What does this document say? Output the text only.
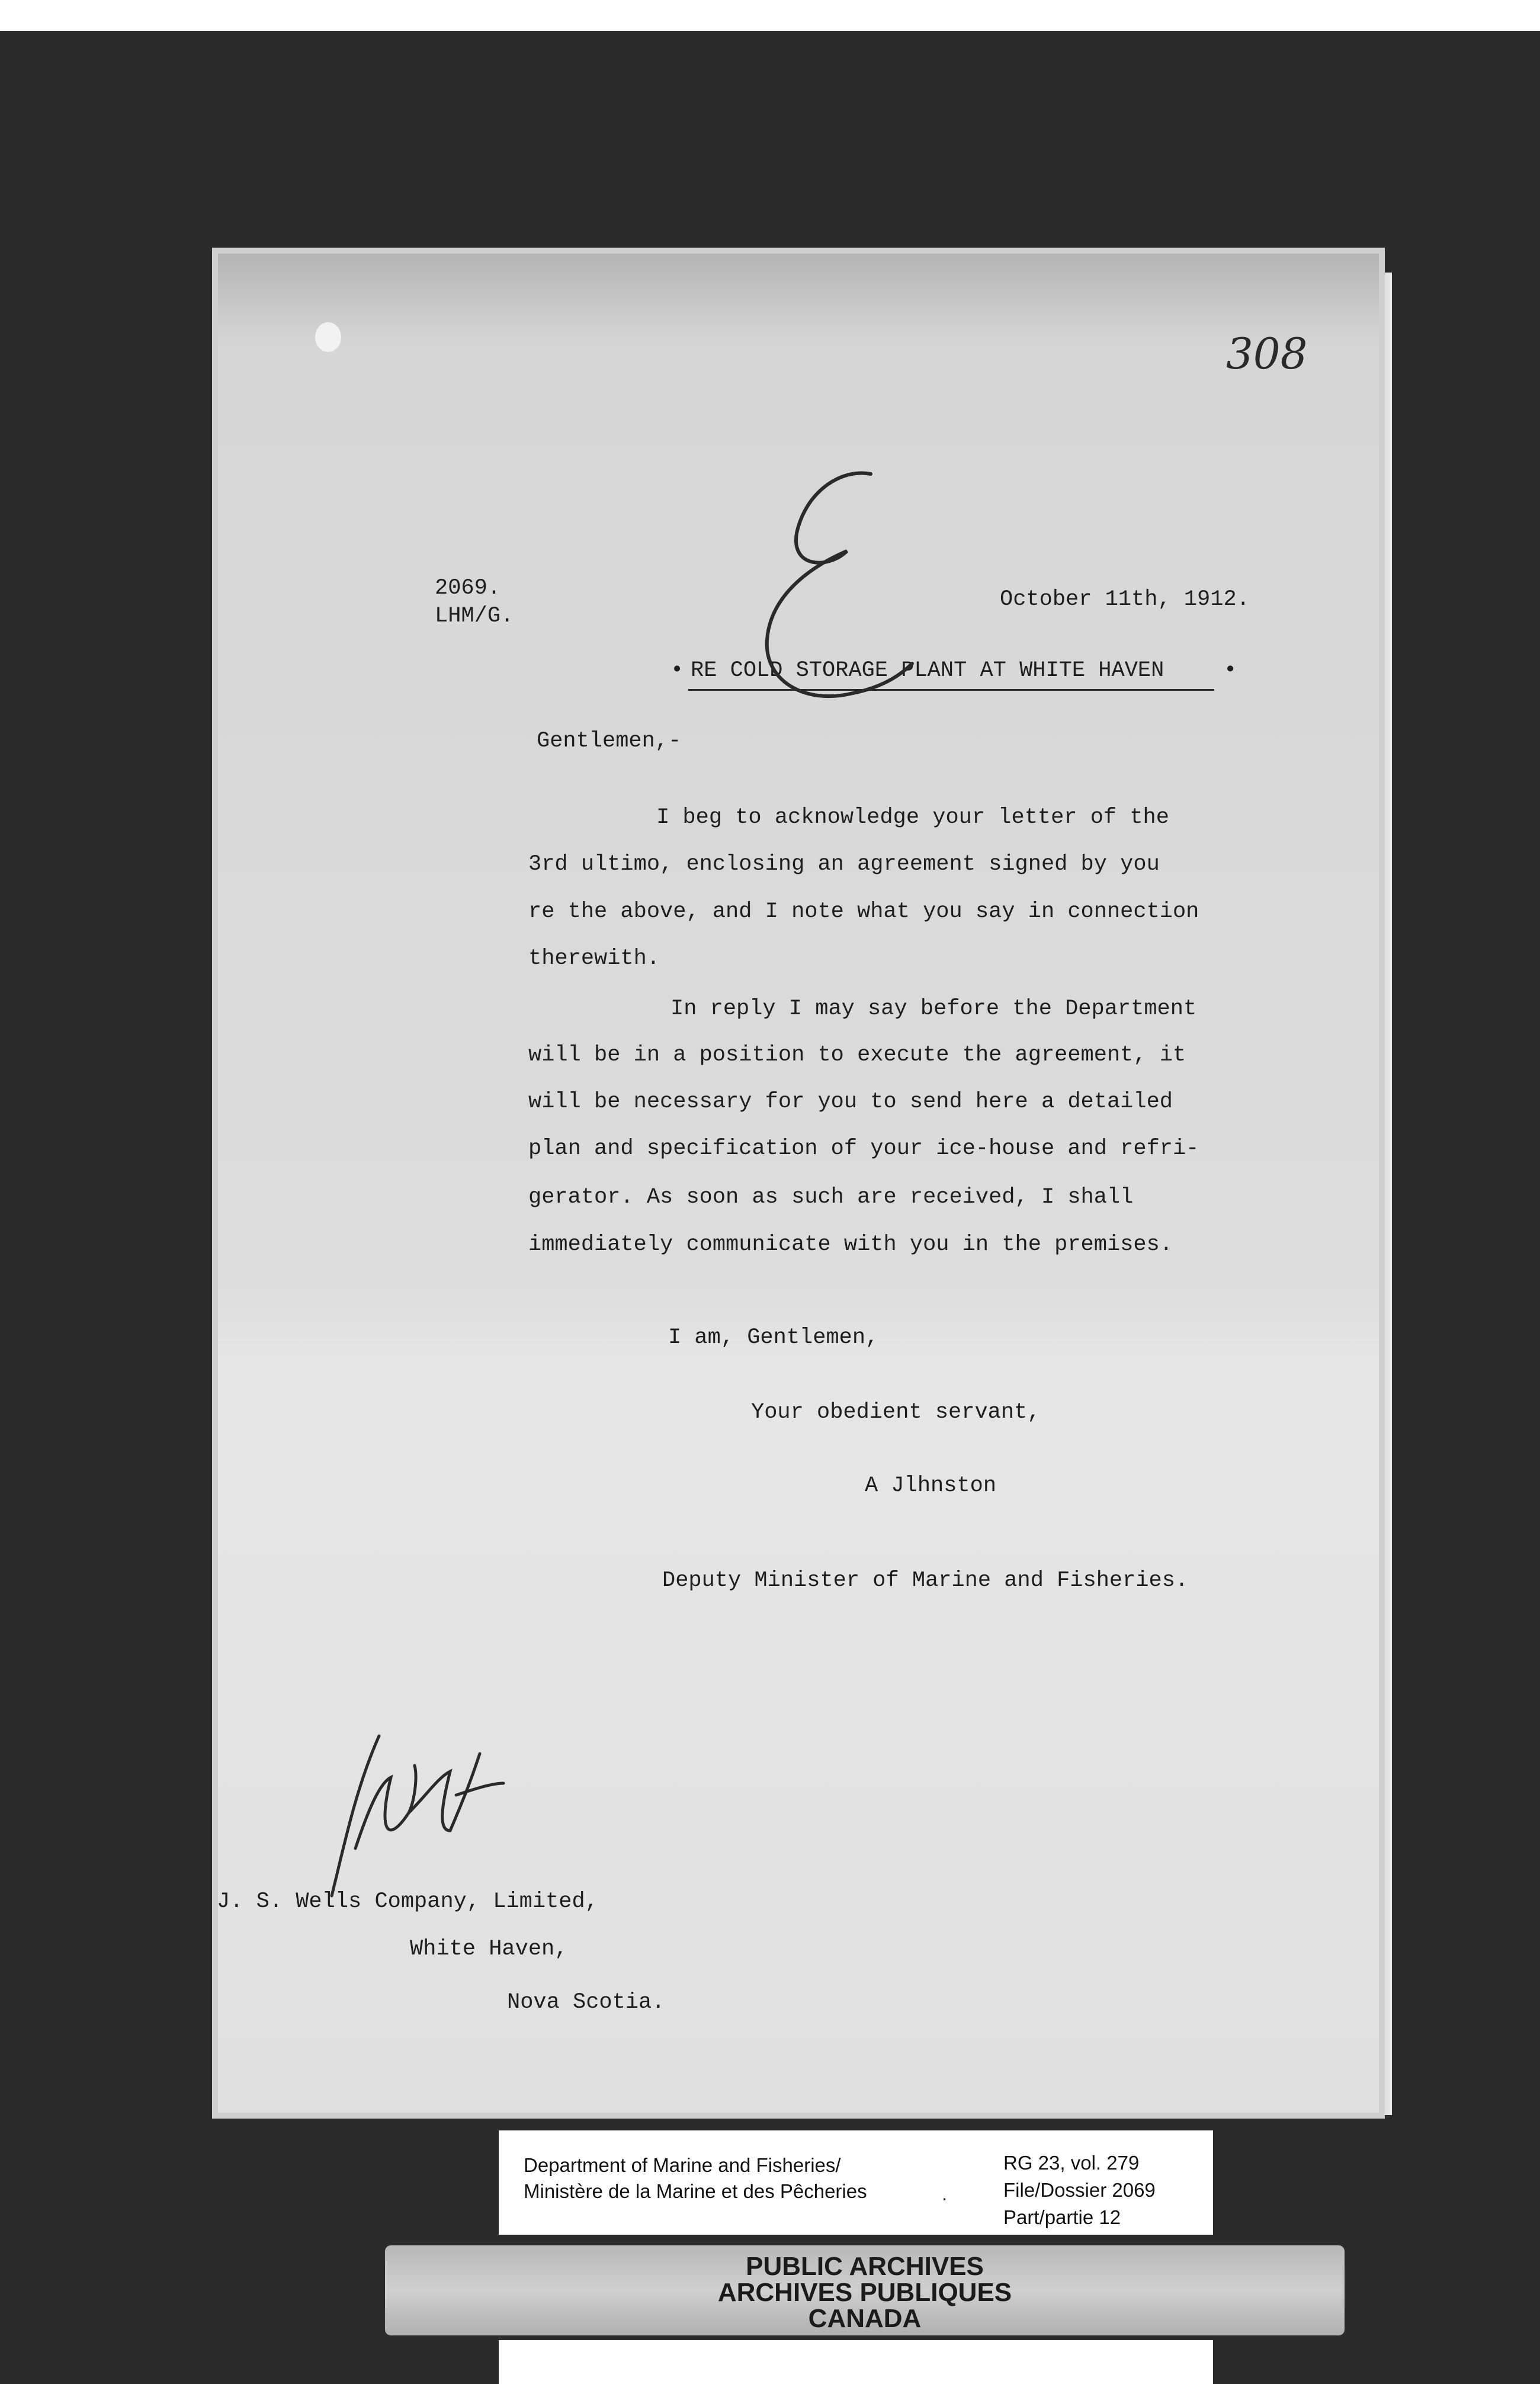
308
2069.
LHM/G.
October 11th, 1912.
• RE COLD STORAGE PLANT AT WHITE HAVEN	•
Gentlemen,-
I beg to acknowledge your letter of the
3rd ultimo, enclosing an agreement signed by you
re the above, and I note what you say in connection
therewith.
In reply I may say before the Department
will be in a position to execute the agreement, it
will be necessary for you to send here a detailed
plan and specification of your ice-house and refri-
gerator. As soon as such are received, I shall
immediately communicate with you in the premises.
I am, Gentlemen,
Your obedient servant,
A Jlhnston
Deputy Minister of Marine and Fisheries.
J. S. Wells Company, Limited,
White Haven,
Nova Scotia.
Department of Marine and Fisheries/
Ministère de la Marine et des Pêcheries	.
RG 23, vol. 279
File/Dossier 2069
Part/partie 12
PUBLIC ARCHIVES
ARCHIVES PUBLIQUES
CANADA
